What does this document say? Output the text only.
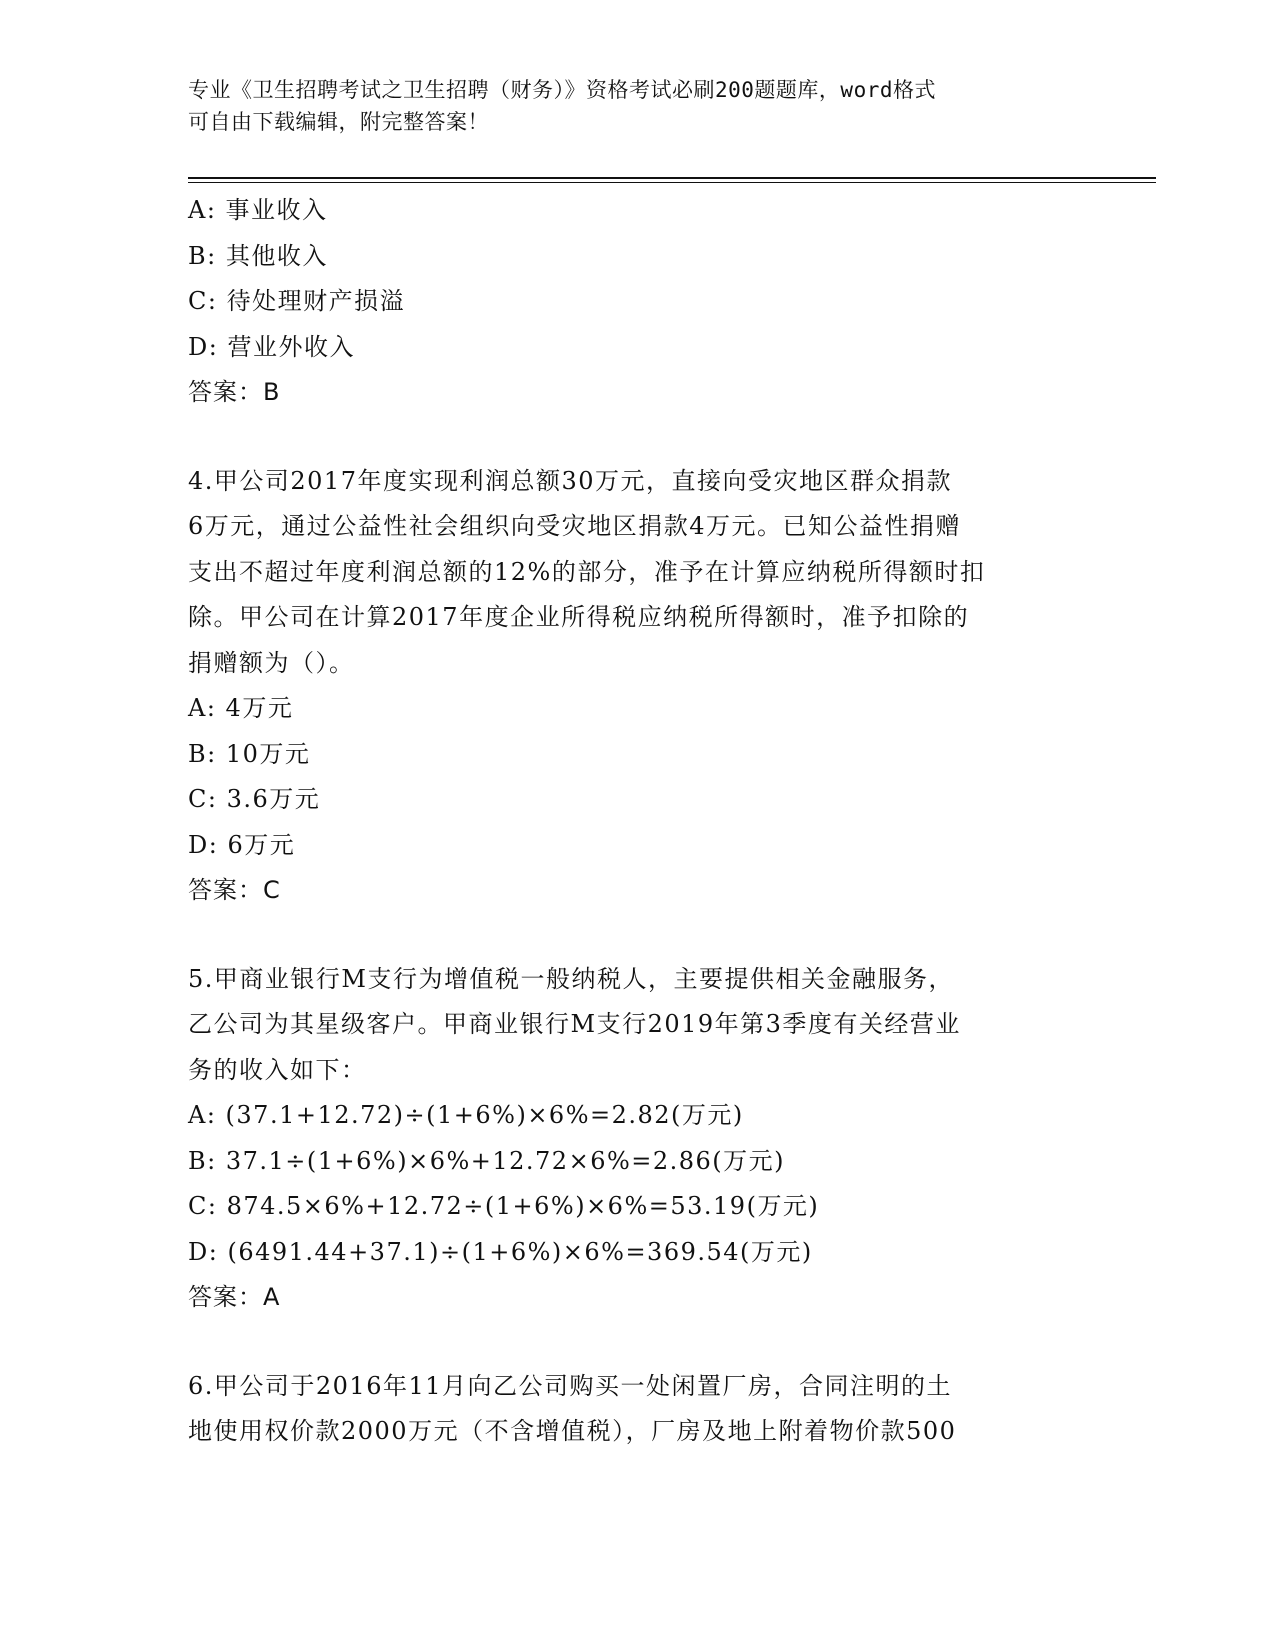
专业《卫生招聘考试之卫生招聘（财务）》资格考试必刷200题题库，word格式
可自由下载编辑，附完整答案！
A: 事业收入
B: 其他收入
C: 待处理财产损溢
D: 营业外收入
答案：B
4.甲公司2017年度实现利润总额30万元，直接向受灾地区群众捐款
6万元，通过公益性社会组织向受灾地区捐款4万元。已知公益性捐赠
支出不超过年度利润总额的12%的部分，准予在计算应纳税所得额时扣
除。甲公司在计算2017年度企业所得税应纳税所得额时，准予扣除的
捐赠额为（）。
A: 4万元
B: 10万元
C: 3.6万元
D: 6万元
答案：C
5.甲商业银行M支行为增值税一般纳税人，主要提供相关金融服务，
乙公司为其星级客户。甲商业银行M支行2019年第3季度有关经营业
务的收入如下：
A: (37.1+12.72)÷(1+6%)×6%=2.82(万元)
B: 37.1÷(1+6%)×6%+12.72×6%=2.86(万元)
C: 874.5×6%+12.72÷(1+6%)×6%=53.19(万元)
D: (6491.44+37.1)÷(1+6%)×6%=369.54(万元)
答案：A
6.甲公司于2016年11月向乙公司购买一处闲置厂房，合同注明的土
地使用权价款2000万元（不含增值税），厂房及地上附着物价款500
